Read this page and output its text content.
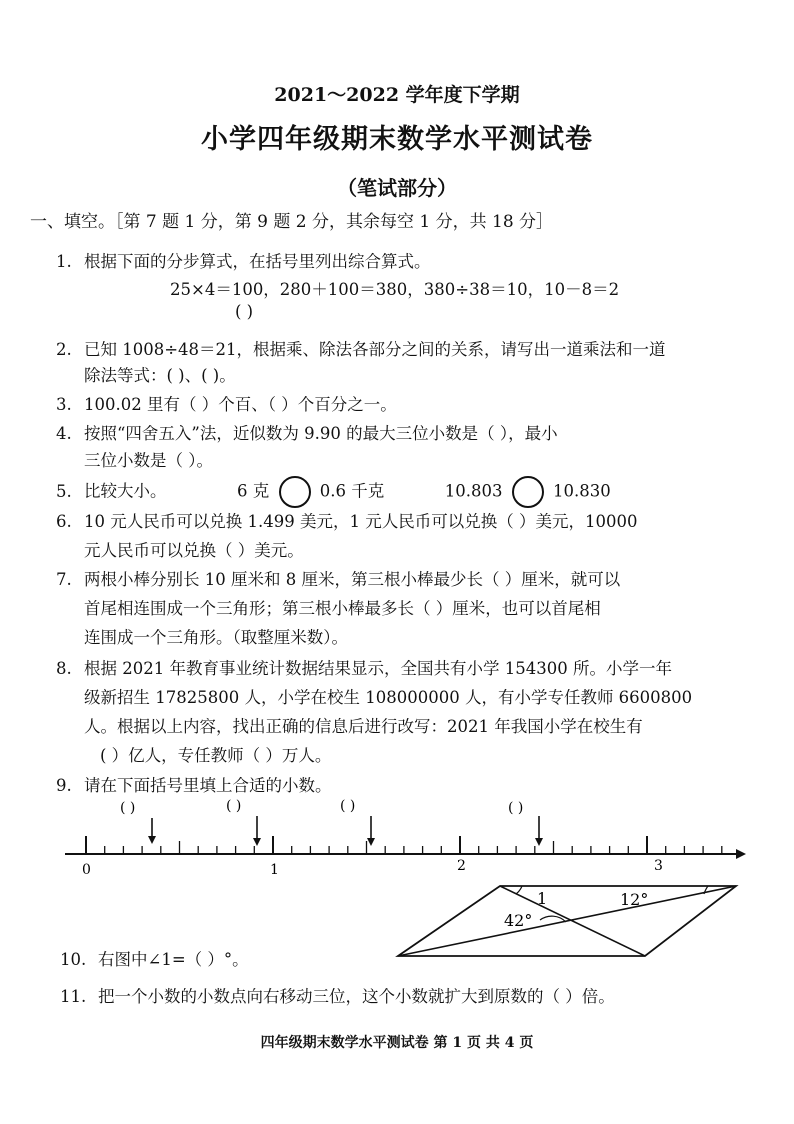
2021～2022 学年度下学期
小学四年级期末数学水平测试卷
（笔试部分）
一、填空。［第 7 题 1 分，第 9 题 2 分，其余每空 1 分，共 18 分］
1. 根据下面的分步算式，在括号里列出综合算式。
25×4＝100，280＋100＝380，380÷38＝10，10－8＝2
( )
2. 已知 1008÷48＝21，根据乘、除法各部分之间的关系，请写出一道乘法和一道
除法等式：( )、( )。
3. 100.02 里有（ ）个百、（ ）个百分之一。
4. 按照“四舍五入”法，近似数为 9.90 的最大三位小数是（ ），最小
三位小数是（ ）。
5. 比较大小。	6 克	0.6 千克	10.803	10.830
6. 10 元人民币可以兑换 1.499 美元，1 元人民币可以兑换（ ）美元，10000
元人民币可以兑换（ ）美元。
7. 两根小棒分别长 10 厘米和 8 厘米，第三根小棒最少长（ ）厘米，就可以
首尾相连围成一个三角形；第三根小棒最多长（ ）厘米，也可以首尾相
连围成一个三角形。（取整厘米数）。
8. 根据 2021 年教育事业统计数据结果显示，全国共有小学 154300 所。小学一年
级新招生 17825800 人，小学在校生 108000000 人，有小学专任教师 6600800
人。根据以上内容，找出正确的信息后进行改写：2021 年我国小学在校生有
( ）亿人，专任教师（ ）万人。
9. 请在下面括号里填上合适的小数。
( )	( )	( )	( )
0	1	2	3
1
42°
12°
10. 右图中∠1=（ ）°。
11. 把一个小数的小数点向右移动三位，这个小数就扩大到原数的（ ）倍。
四年级期末数学水平测试卷 第 1 页 共 4 页
